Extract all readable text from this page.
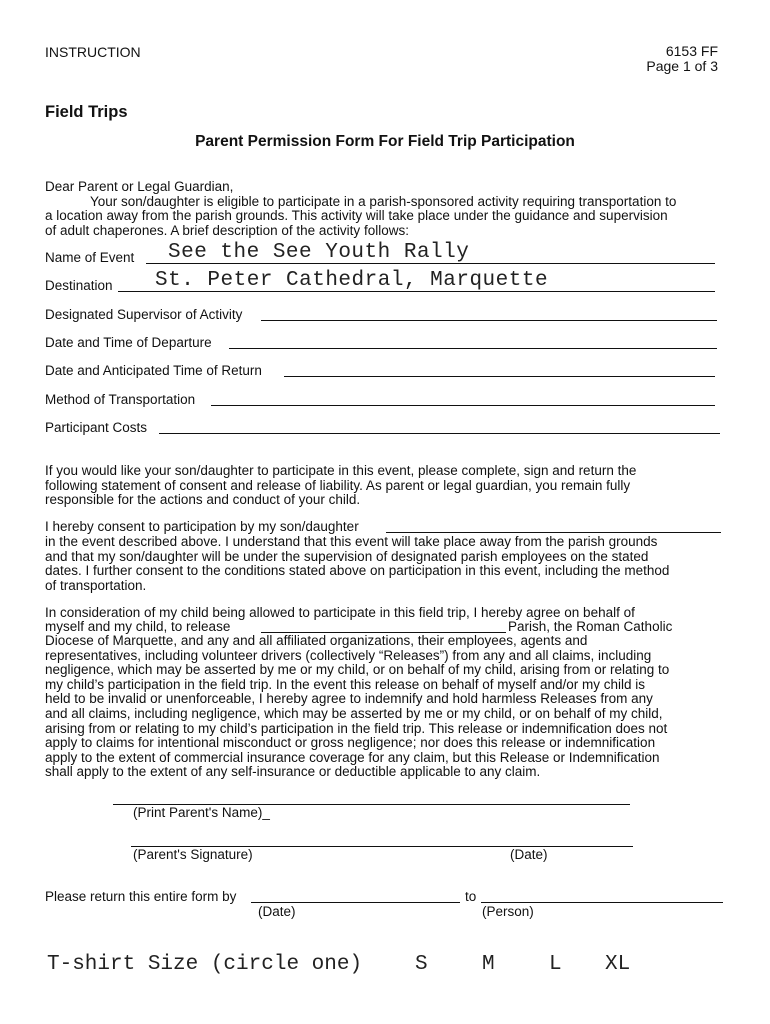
INSTRUCTION	6153 FF
Page 1 of 3
Field Trips
Parent Permission Form For Field Trip Participation
Dear Parent or Legal Guardian,
Your son/daughter is eligible to participate in a parish-sponsored activity requiring transportation to
a location away from the parish grounds. This activity will take place under the guidance and supervision
of adult chaperones. A brief description of the activity follows:
Name of Event See the See Youth Rally
Destination St. Peter Cathedral, Marquette
Designated Supervisor of Activity
Date and Time of Departure
Date and Anticipated Time of Return
Method of Transportation
Participant Costs
If you would like your son/daughter to participate in this event, please complete, sign and return the
following statement of consent and release of liability. As parent or legal guardian, you remain fully
responsible for the actions and conduct of your child.
I hereby consent to participation by my son/daughter
in the event described above. I understand that this event will take place away from the parish grounds
and that my son/daughter will be under the supervision of designated parish employees on the stated
dates. I further consent to the conditions stated above on participation in this event, including the method
of transportation.
In consideration of my child being allowed to participate in this field trip, I hereby agree on behalf of
myself and my child, to release	Parish, the Roman Catholic
Diocese of Marquette, and any and all affiliated organizations, their employees, agents and
representatives, including volunteer drivers (collectively “Releases”) from any and all claims, including
negligence, which may be asserted by me or my child, or on behalf of my child, arising from or relating to
my child’s participation in the field trip. In the event this release on behalf of myself and/or my child is
held to be invalid or unenforceable, I hereby agree to indemnify and hold harmless Releases from any
and all claims, including negligence, which may be asserted by me or my child, or on behalf of my child,
arising from or relating to my child’s participation in the field trip. This release or indemnification does not
apply to claims for intentional misconduct or gross negligence; nor does this release or indemnification
apply to the extent of commercial insurance coverage for any claim, but this Release or Indemnification
shall apply to the extent of any self-insurance or deductible applicable to any claim.
(Print Parent's Name)_
(Parent's Signature)	(Date)
Please return this entire form by	to
(Date)	(Person)
T-shirt Size (circle one)	S	M	L XL
